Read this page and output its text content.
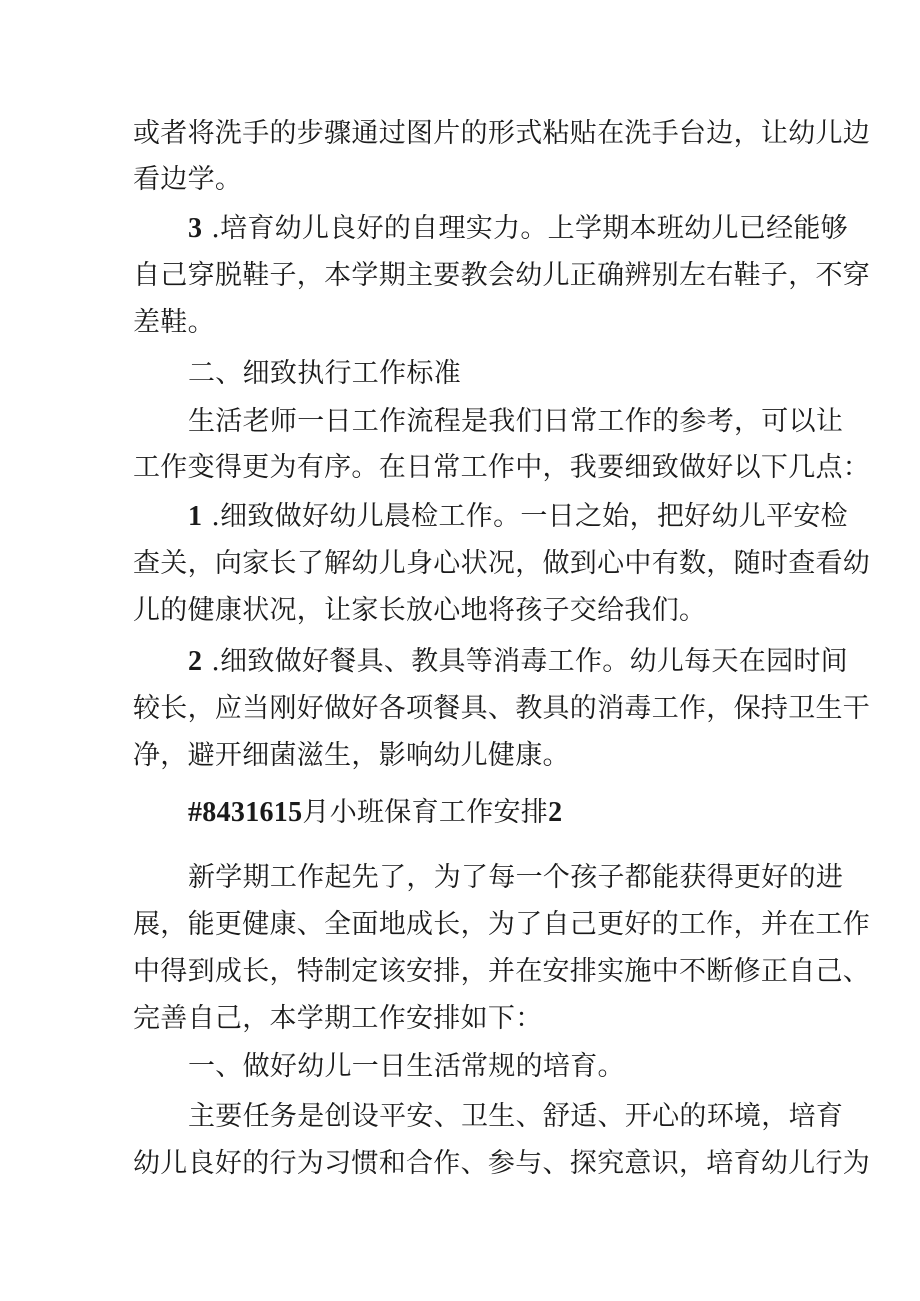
或者将洗手的步骤通过图片的形式粘贴在洗手台边，让幼儿边
看边学。
3 .培育幼儿良好的自理实力。上学期本班幼儿已经能够
自己穿脱鞋子，本学期主要教会幼儿正确辨别左右鞋子，不穿
差鞋。
二、细致执行工作标准
生活老师一日工作流程是我们日常工作的参考，可以让
工作变得更为有序。在日常工作中，我要细致做好以下几点：
1 .细致做好幼儿晨检工作。一日之始，把好幼儿平安检
查关，向家长了解幼儿身心状况，做到心中有数，随时查看幼
儿的健康状况，让家长放心地将孩子交给我们。
2 .细致做好餐具、教具等消毒工作。幼儿每天在园时间
较长，应当刚好做好各项餐具、教具的消毒工作，保持卫生干
净，避开细菌滋生，影响幼儿健康。
#8431615月小班保育工作安排2
新学期工作起先了，为了每一个孩子都能获得更好的进
展，能更健康、全面地成长，为了自己更好的工作，并在工作
中得到成长，特制定该安排，并在安排实施中不断修正自己、
完善自己，本学期工作安排如下：
一、做好幼儿一日生活常规的培育。
主要任务是创设平安、卫生、舒适、开心的环境，培育
幼儿良好的行为习惯和合作、参与、探究意识，培育幼儿行为
